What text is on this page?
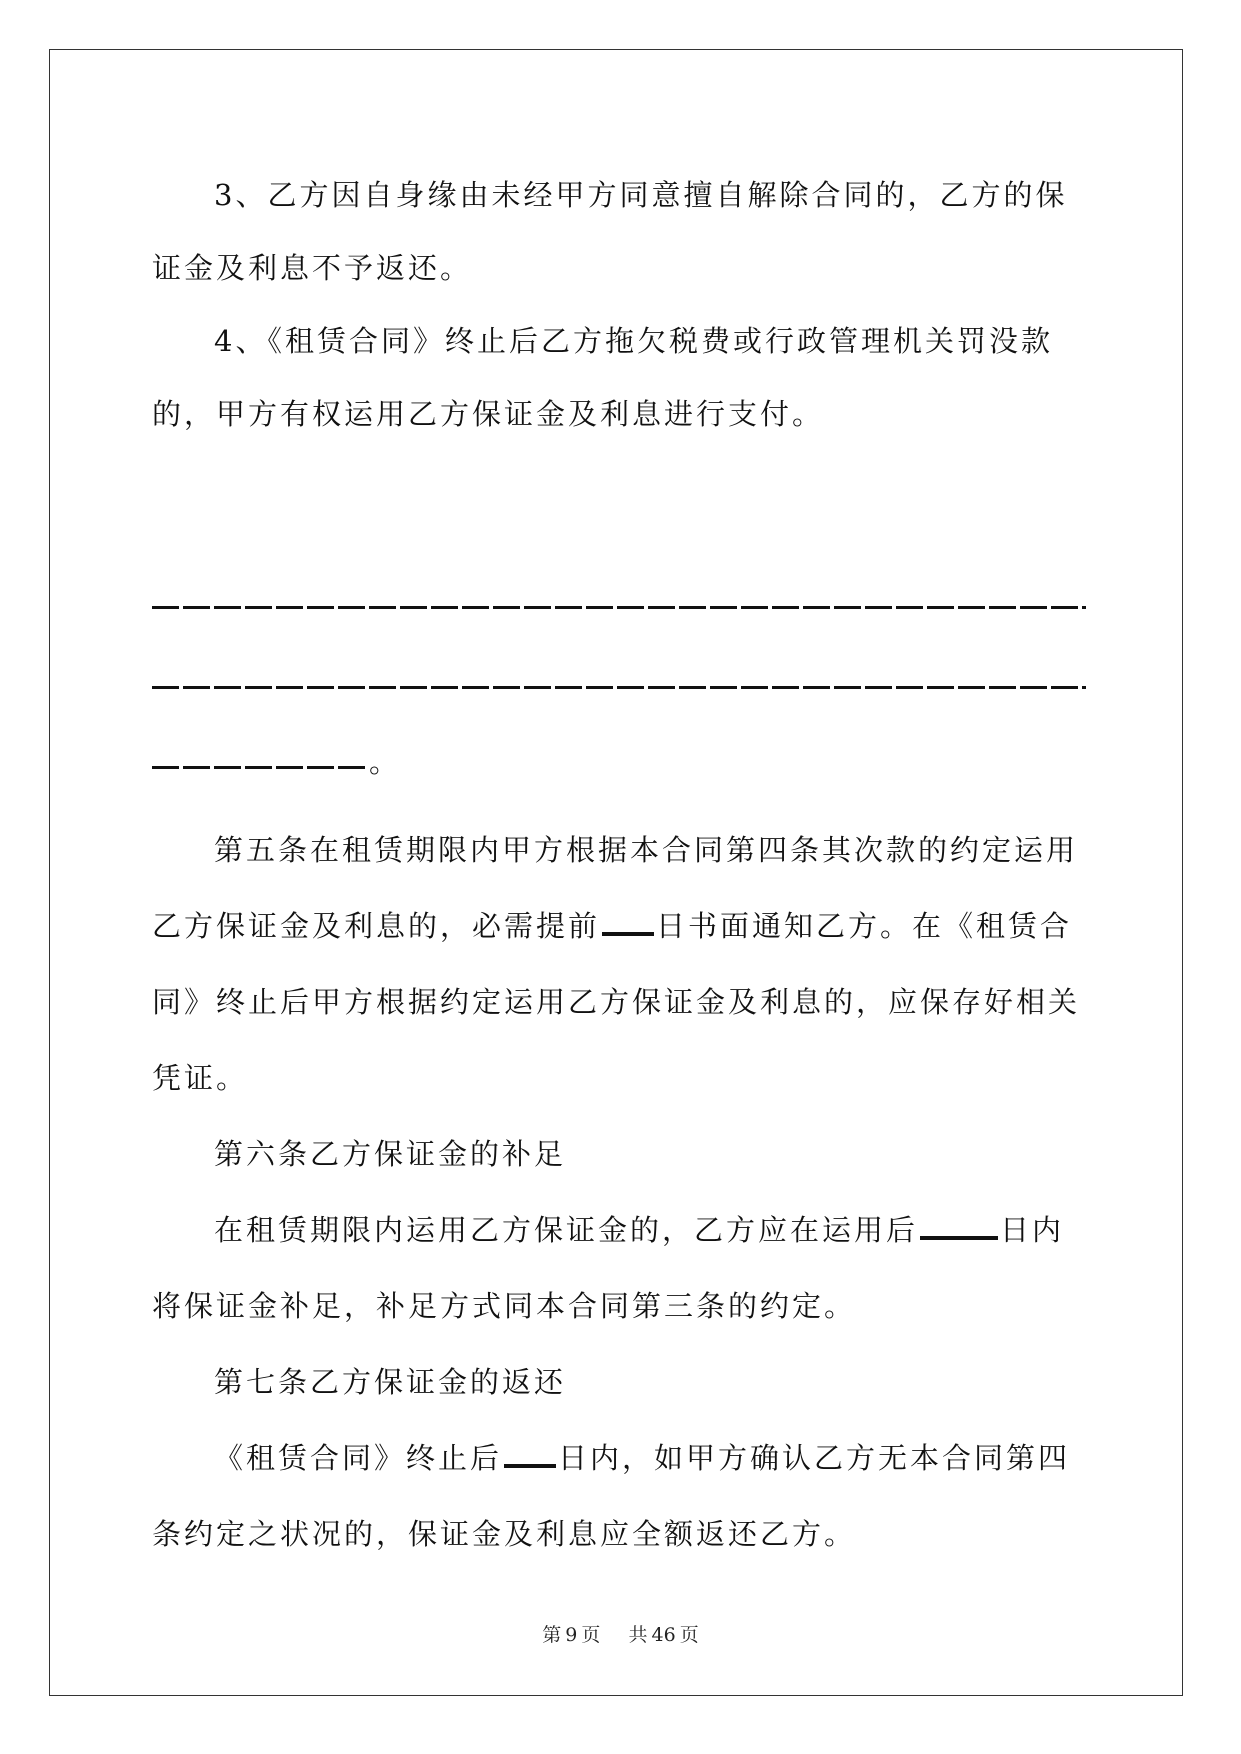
3、乙方因自身缘由未经甲方同意擅自解除合同的，乙方的保证金及利息不予返还。

4、《租赁合同》终止后乙方拖欠税费或行政管理机关罚没款的，甲方有权运用乙方保证金及利息进行支付。

。

第五条在租赁期限内甲方根据本合同第四条其次款的约定运用乙方保证金及利息的，必需提前 日书面通知乙方。在《租赁合同》终止后甲方根据约定运用乙方保证金及利息的，应保存好相关凭证。

第六条乙方保证金的补足

在租赁期限内运用乙方保证金的，乙方应在运用后	日内将保证金补足，补足方式同本合同第三条的约定。

第七条乙方保证金的返还

《租赁合同》终止后 日内，如甲方确认乙方无本合同第四条约定之状况的，保证金及利息应全额返还乙方。

第 9 页 共 46 页
